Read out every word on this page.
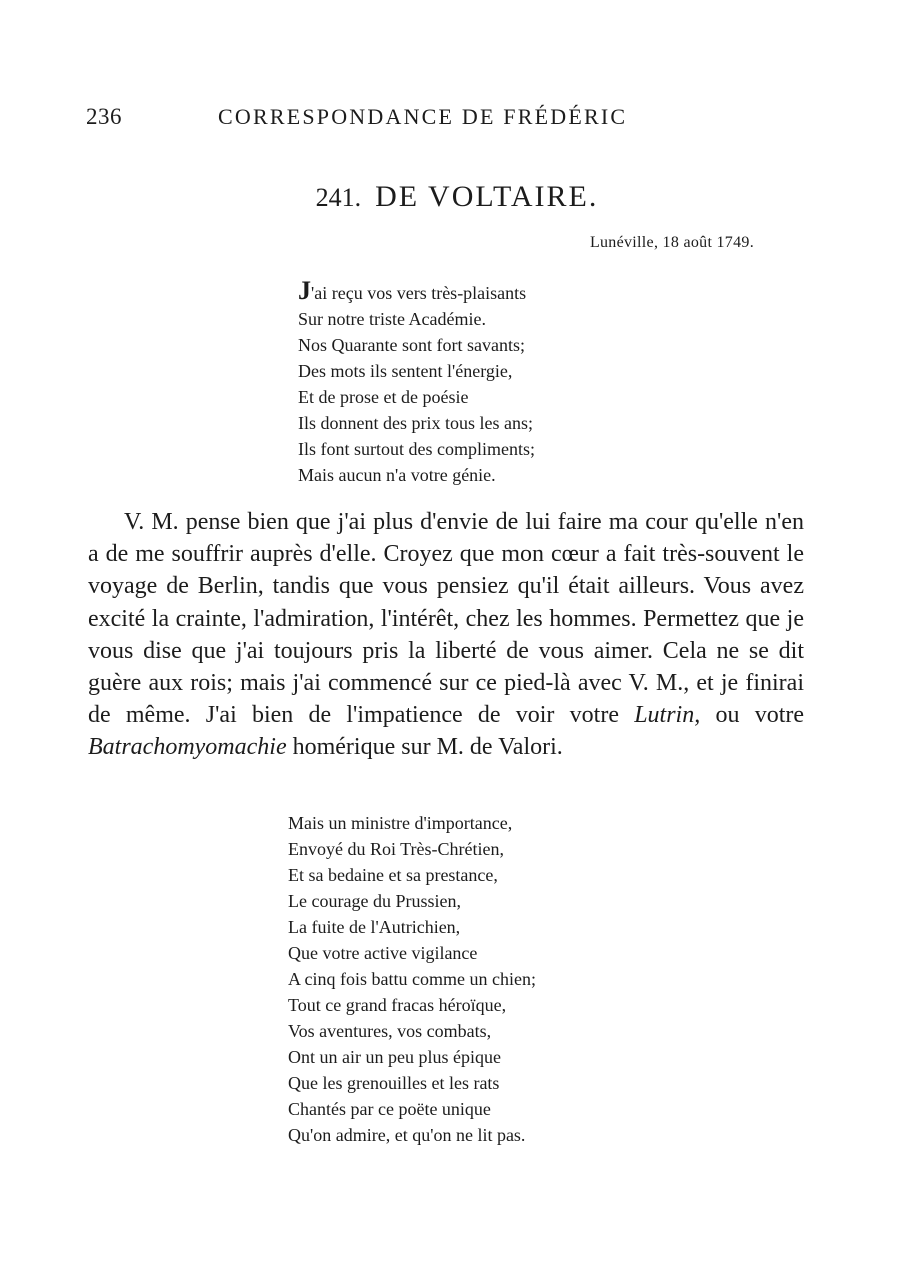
236	CORRESPONDANCE DE FRÉDÉRIC
241. DE VOLTAIRE.
Lunéville, 18 août 1749.
J'ai reçu vos vers très-plaisants
Sur notre triste Académie.
Nos Quarante sont fort savants;
Des mots ils sentent l'énergie,
Et de prose et de poésie
Ils donnent des prix tous les ans;
Ils font surtout des compliments;
Mais aucun n'a votre génie.

V. M. pense bien que j'ai plus d'envie de lui faire ma cour qu'elle n'en a de me souffrir auprès d'elle. Croyez que mon cœur a fait très-souvent le voyage de Berlin, tandis que vous pensiez qu'il était ailleurs. Vous avez excité la crainte, l'admiration, l'intérêt, chez les hommes. Permettez que je vous dise que j'ai toujours pris la liberté de vous aimer. Cela ne se dit guère aux rois; mais j'ai commencé sur ce pied-là avec V. M., et je finirai de même. J'ai bien de l'impatience de voir votre Lutrin, ou votre Batrachomyomachie homérique sur M. de Valori.

Mais un ministre d'importance,
Envoyé du Roi Très-Chrétien,
Et sa bedaine et sa prestance,
Le courage du Prussien,
La fuite de l'Autrichien,
Que votre active vigilance
A cinq fois battu comme un chien;
Tout ce grand fracas héroïque,
Vos aventures, vos combats,
Ont un air un peu plus épique
Que les grenouilles et les rats
Chantés par ce poëte unique
Qu'on admire, et qu'on ne lit pas.
